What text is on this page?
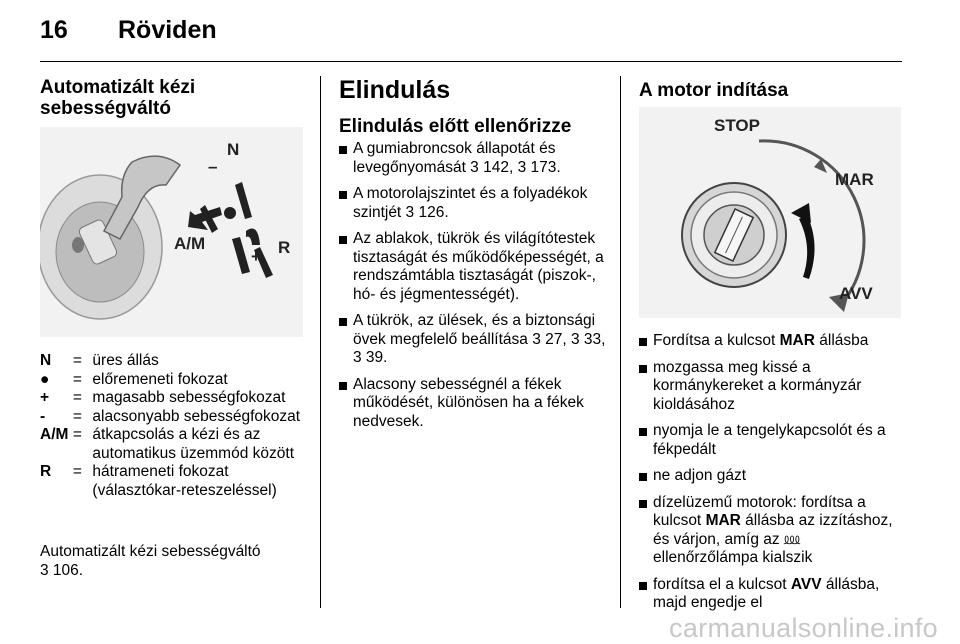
16 Röviden
Automatizált kézi
sebességváltó
N
–
A/M
+ R
N	= üres állás
●	= előremeneti fokozat
+	= magasabb sebességfokozat
-	= alacsonyabb sebességfokozat
A/M = átkapcsolás a kézi és az automatikus üzemmód között
R	= hátrameneti fokozat (választókar-reteszeléssel)
Automatizált kézi sebességváltó
3 106.
Elindulás
Elindulás előtt ellenőrizze
A gumiabroncsok állapotát és levegőnyomását 3 142, 3 173.
A motorolajszintet és a folyadékok szintjét 3 126.
Az ablakok, tükrök és világítótestek tisztaságát és működőképességét, a rendszámtábla tisztaságát (piszok-, hó- és jégmentességét).
A tükrök, az ülések, és a biztonsági övek megfelelő beállítása 3 27, 3 33, 3 39.
Alacsony sebességnél a fékek működését, különösen ha a fékek nedvesek.
A motor indítása
STOP
MAR
AVV
Fordítsa a kulcsot MAR állásba
mozgassa meg kissé a kormánykereket a kormányzár kioldásához
nyomja le a tengelykapcsolót és a fékpedált
ne adjon gázt
dízelüzemű motorok: fordítsa a kulcsot MAR állásba az izzításhoz, és várjon, amíg az ⅏ ellenőrzőlámpa kialszik
fordítsa el a kulcsot AVV állásba, majd engedje el
carmanualsonline.info
